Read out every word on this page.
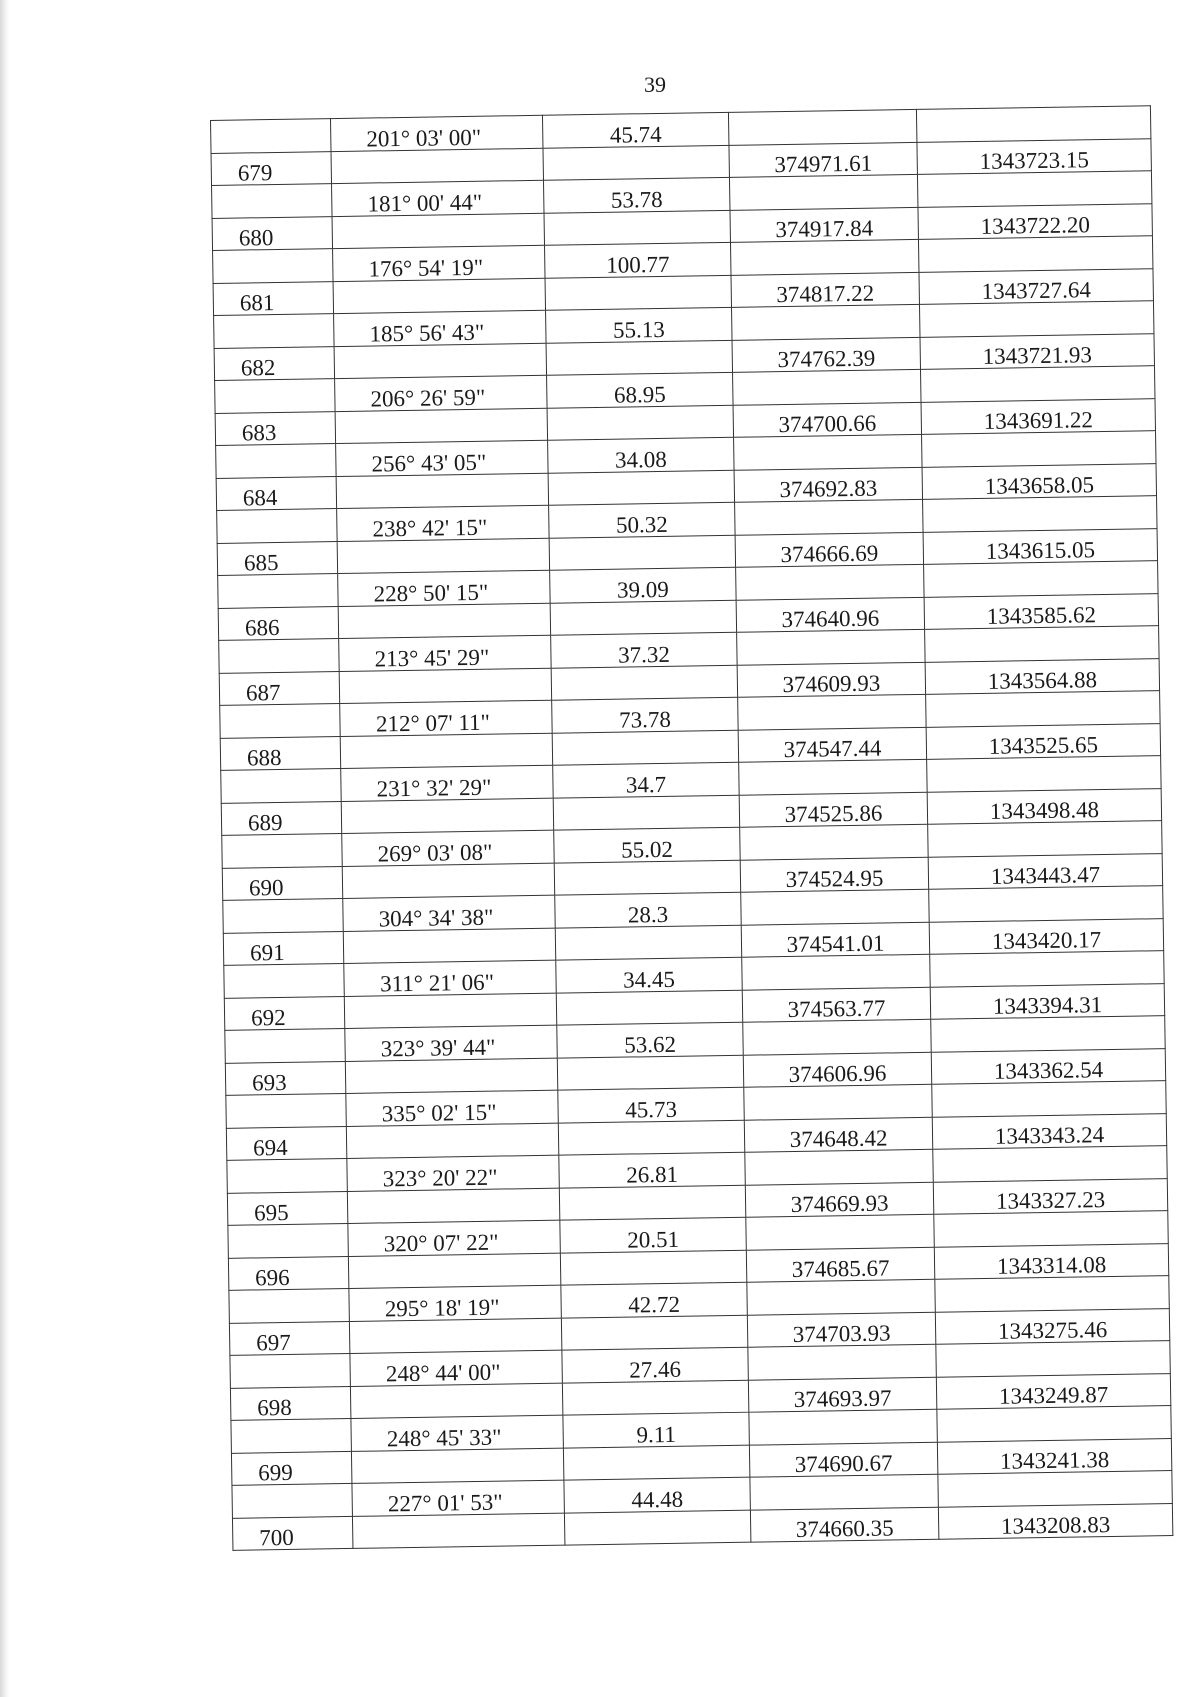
39
	201° 03' 00"	45.74		
679			374971.61	1343723.15
	181° 00' 44"	53.78		
680			374917.84	1343722.20
	176° 54' 19"	100.77		
681			374817.22	1343727.64
	185° 56' 43"	55.13		
682			374762.39	1343721.93
	206° 26' 59"	68.95		
683			374700.66	1343691.22
	256° 43' 05"	34.08		
684			374692.83	1343658.05
	238° 42' 15"	50.32		
685			374666.69	1343615.05
	228° 50' 15"	39.09		
686			374640.96	1343585.62
	213° 45' 29"	37.32		
687			374609.93	1343564.88
	212° 07' 11"	73.78		
688			374547.44	1343525.65
	231° 32' 29"	34.7		
689			374525.86	1343498.48
	269° 03' 08"	55.02		
690			374524.95	1343443.47
	304° 34' 38"	28.3		
691			374541.01	1343420.17
	311° 21' 06"	34.45		
692			374563.77	1343394.31
	323° 39' 44"	53.62		
693			374606.96	1343362.54
	335° 02' 15"	45.73		
694			374648.42	1343343.24
	323° 20' 22"	26.81		
695			374669.93	1343327.23
	320° 07' 22"	20.51		
696			374685.67	1343314.08
	295° 18' 19"	42.72		
697			374703.93	1343275.46
	248° 44' 00"	27.46		
698			374693.97	1343249.87
	248° 45' 33"	9.11		
699			374690.67	1343241.38
	227° 01' 53"	44.48		
700			374660.35	1343208.83
